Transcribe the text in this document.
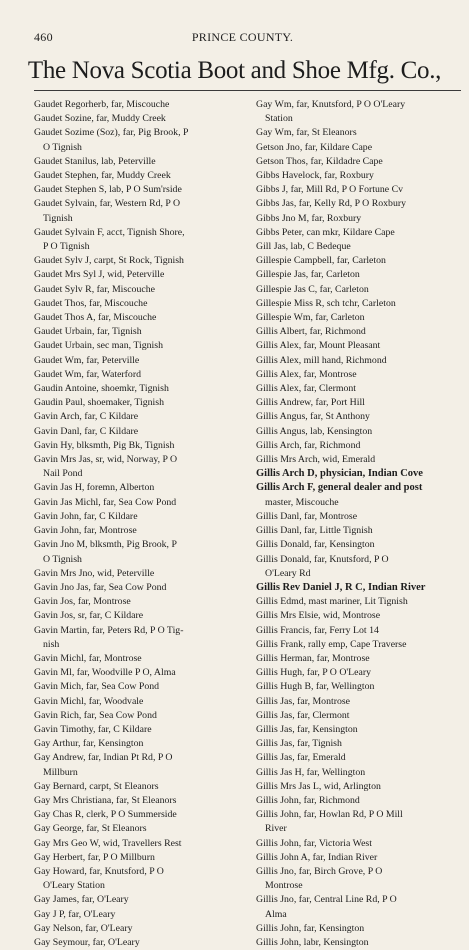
460	PRINCE COUNTY.
The Nova Scotia Boot and Shoe Mfg. Co.,
Gaudet Regorherb, far, Miscouche
Gaudet Sozine, far, Muddy Creek
Gaudet Sozime (Soz), far, Pig Brook, P
O Tignish
Gaudet Stanilus, lab, Peterville
Gaudet Stephen, far, Muddy Creek
Gaudet Stephen S, lab, P O Sum'rside
Gaudet Sylvain, far, Western Rd, P O
Tignish
Gaudet Sylvain F, acct, Tignish Shore,
P O Tignish
Gaudet Sylv J, carpt, St Rock, Tignish
Gaudet Mrs Syl J, wid, Peterville
Gaudet Sylv R, far, Miscouche
Gaudet Thos, far, Miscouche
Gaudet Thos A, far, Miscouche
Gaudet Urbain, far, Tignish
Gaudet Urbain, sec man, Tignish
Gaudet Wm, far, Peterville
Gaudet Wm, far, Waterford
Gaudin Antoine, shoemkr, Tignish
Gaudin Paul, shoemaker, Tignish
Gavin Arch, far, C Kildare
Gavin Danl, far, C Kildare
Gavin Hy, blksmth, Pig Bk, Tignish
Gavin Mrs Jas, sr, wid, Norway, P O
Nail Pond
Gavin Jas H, foremn, Alberton
Gavin Jas Michl, far, Sea Cow Pond
Gavin John, far, C Kildare
Gavin John, far, Montrose
Gavin Jno M, blksmth, Pig Brook, P
O Tignish
Gavin Mrs Jno, wid, Peterville
Gavin Jno Jas, far, Sea Cow Pond
Gavin Jos, far, Montrose
Gavin Jos, sr, far, C Kildare
Gavin Martin, far, Peters Rd, P O Tig-
nish
Gavin Michl, far, Montrose
Gavin Ml, far, Woodville P O, Alma
Gavin Mich, far, Sea Cow Pond
Gavin Michl, far, Woodvale
Gavin Rich, far, Sea Cow Pond
Gavin Timothy, far, C Kildare
Gay Arthur, far, Kensington
Gay Andrew, far, Indian Pt Rd, P O
Millburn
Gay Bernard, carpt, St Eleanors
Gay Mrs Christiana, far, St Eleanors
Gay Chas R, clerk, P O Summerside
Gay George, far, St Eleanors
Gay Mrs Geo W, wid, Travellers Rest
Gay Herbert, far, P O Millburn
Gay Howard, far, Knutsford, P O
O'Leary Station
Gay James, far, O'Leary
Gay J P, far, O'Leary
Gay Nelson, far, O'Leary
Gay Seymour, far, O'Leary
Gay Wm, far, Knutsford, P O O'Leary
Station
Gay Wm, far, St Eleanors
Getson Jno, far, Kildare Cape
Getson Thos, far, Kildadre Cape
Gibbs Havelock, far, Roxbury
Gibbs J, far, Mill Rd, P O Fortune Cv
Gibbs Jas, far, Kelly Rd, P O Roxbury
Gibbs Jno M, far, Roxbury
Gibbs Peter, can mkr, Kildare Cape
Gill Jas, lab, C Bedeque
Gillespie Campbell, far, Carleton
Gillespie Jas, far, Carleton
Gillespie Jas C, far, Carleton
Gillespie Miss R, sch tchr, Carleton
Gillespie Wm, far, Carleton
Gillis Albert, far, Richmond
Gillis Alex, far, Mount Pleasant
Gillis Alex, mill hand, Richmond
Gillis Alex, far, Montrose
Gillis Alex, far, Clermont
Gillis Andrew, far, Port Hill
Gillis Angus, far, St Anthony
Gillis Angus, lab, Kensington
Gillis Arch, far, Richmond
Gillis Mrs Arch, wid, Emerald
Gillis Arch D, physician, Indian Cove
Gillis Arch F, general dealer and post
master, Miscouche
Gillis Danl, far, Montrose
Gillis Danl, far, Little Tignish
Gillis Donald, far, Kensington
Gillis Donald, far, Knutsford, P O
O'Leary Rd
Gillis Rev Daniel J, R C, Indian River
Gillis Edmd, mast mariner, Lit Tignish
Gillis Mrs Elsie, wid, Montrose
Gillis Francis, far, Ferry Lot 14
Gillis Frank, rally emp, Cape Traverse
Gillis Herman, far, Montrose
Gillis Hugh, far, P O O'Leary
Gillis Hugh B, far, Wellington
Gillis Jas, far, Montrose
Gillis Jas, far, Clermont
Gillis Jas, far, Kensington
Gillis Jas, far, Tignish
Gillis Jas, far, Emerald
Gillis Jas H, far, Wellington
Gillis Mrs Jas L, wid, Arlington
Gillis John, far, Richmond
Gillis John, far, Howlan Rd, P O Mill
River
Gillis John, far, Victoria West
Gillis John A, far, Indian River
Gillis Jno, far, Birch Grove, P O
Montrose
Gillis Jno, far, Central Line Rd, P O
Alma
Gillis John, far, Kensington
Gillis John, labr, Kensington
